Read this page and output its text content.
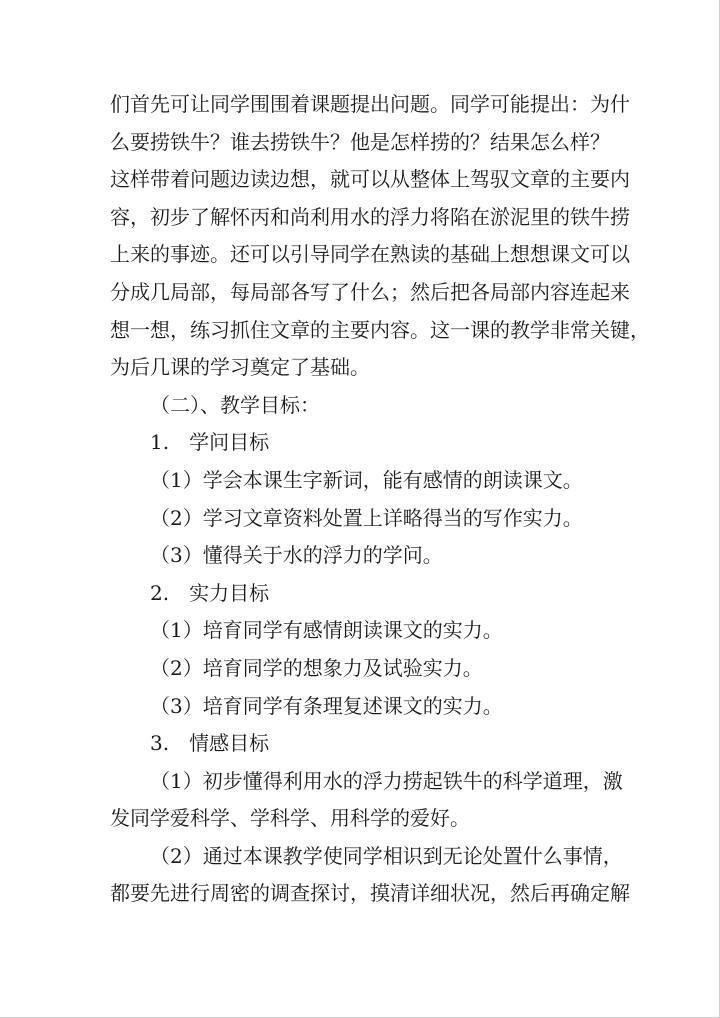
们首先可让同学围围着课题提出问题。同学可能提出：为什
么要捞铁牛？谁去捞铁牛？他是怎样捞的？结果怎么样？
这样带着问题边读边想，就可以从整体上驾驭文章的主要内
容，初步了解怀丙和尚利用水的浮力将陷在淤泥里的铁牛捞
上来的事迹。还可以引导同学在熟读的基础上想想课文可以
分成几局部，每局部各写了什么；然后把各局部内容连起来
想一想，练习抓住文章的主要内容。这一课的教学非常关键，
为后几课的学习奠定了基础。
（二）、教学目标：
1.　学问目标
（1）学会本课生字新词，能有感情的朗读课文。
（2）学习文章资料处置上详略得当的写作实力。
（3）懂得关于水的浮力的学问。
2.　实力目标
（1）培育同学有感情朗读课文的实力。
（2）培育同学的想象力及试验实力。
（3）培育同学有条理复述课文的实力。
3.　情感目标
（1）初步懂得利用水的浮力捞起铁牛的科学道理，激
发同学爱科学、学科学、用科学的爱好。
（2）通过本课教学使同学相识到无论处置什么事情，
都要先进行周密的调查探讨，摸清详细状况，然后再确定解
